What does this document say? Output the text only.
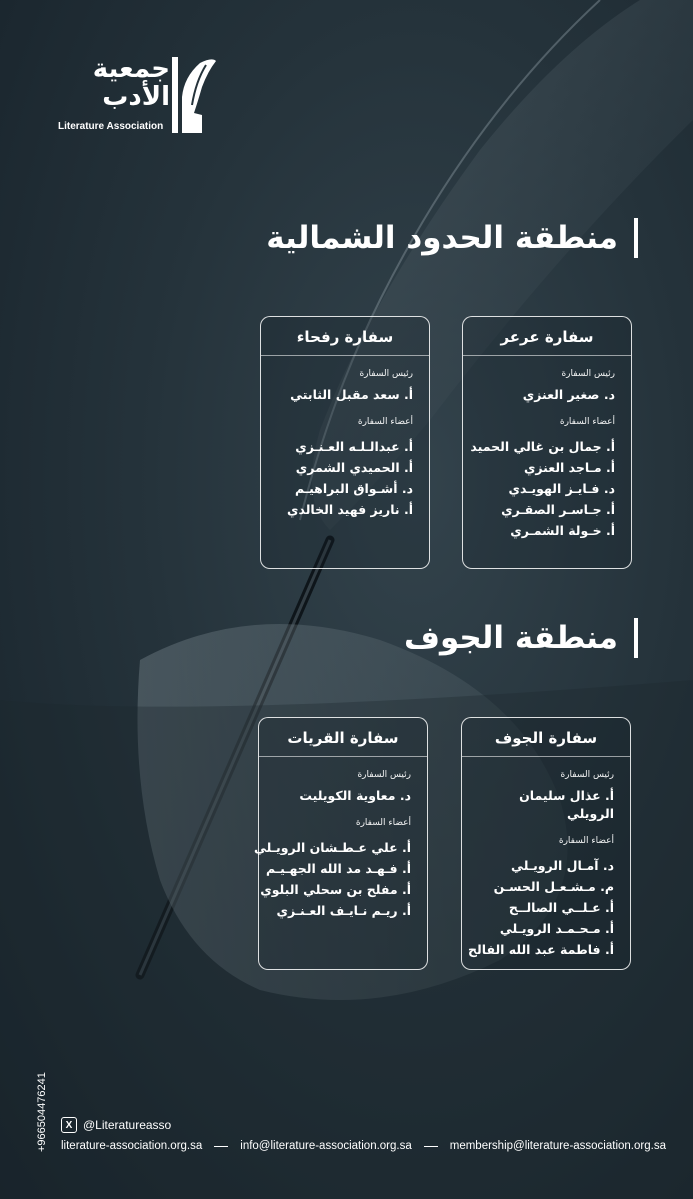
جمعية
الأدب
Literature Association
منطقة الحدود الشمالية
سفارة عرعر
رئيس السفارة
د. صغير العنزي
أعضاء السفارة
أ. جمال بن غالي الحميد
أ. مـاجد العنزي
د. فـايـز الهويـدي
أ. جـاسـر الصقـري
أ. خـولة الشمـري
سفارة رفحاء
رئيس السفارة
أ. سعد مقبل الثابتي
أعضاء السفارة
أ. عبدالـلـه العـنـزي
أ. الحميدي الشمري
د. أشـواق البراهيـم
أ. ناريز فهيد الخالدي
منطقة الجوف
سفارة الجوف
رئيس السفارة
أ. عذال سليمان الرويلي
أعضاء السفارة
د. آمـال الرويـلي
م. مـشـعـل الحسـن
أ. عـلــي الصالــح
أ. مـحـمـد الرويـلي
أ. فاطمة عبد الله الفالح
سفارة القريات
رئيس السفارة
د. معاوية الكويليت
أعضاء السفارة
أ. علي عـطـشان الرويـلي
أ. فـهـد مد الله الجهـيـم
أ. مفلح بن سحلي البلوي
أ. ريـم نـايـف العـنـزي
+966504476241	X @Literatureasso
literature-association.org.sa	info@literature-association.org.sa	membership@literature-association.org.sa
